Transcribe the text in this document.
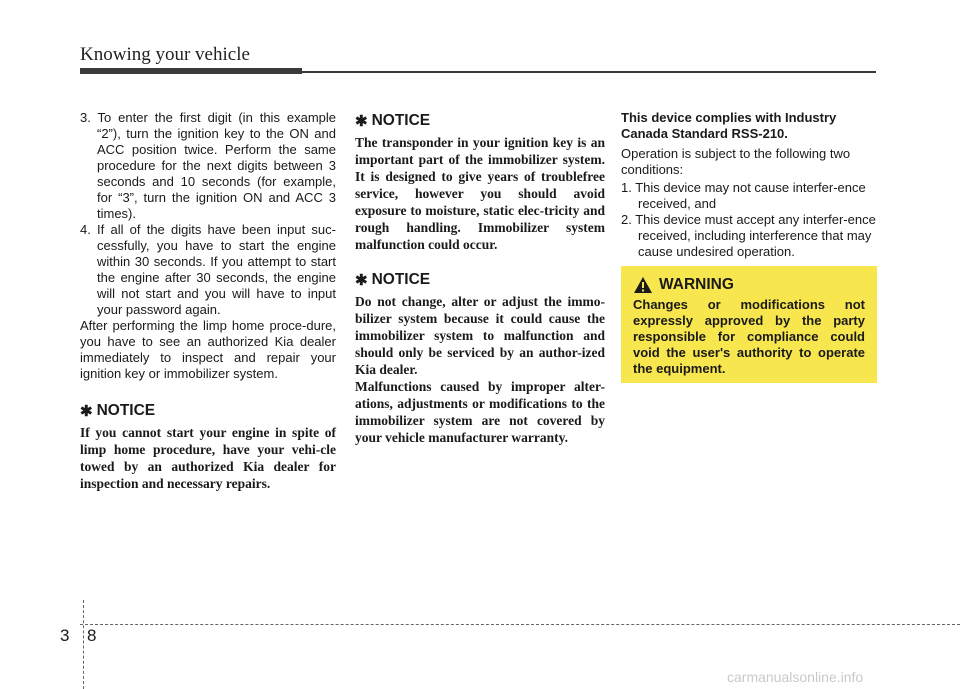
Knowing your vehicle
3. To enter the first digit (in this example “2”), turn the ignition key to the ON and ACC position twice. Perform the same procedure for the next digits between 3 seconds and 10 seconds (for example, for “3”, turn the ignition ON and ACC 3 times).
4. If all of the digits have been input suc-cessfully, you have to start the engine within 30 seconds. If you attempt to start the engine after 30 seconds, the engine will not start and you will have to input your password again.

After performing the limp home proce-dure, you have to see an authorized Kia dealer immediately to inspect and repair your ignition key or immobilizer system.

✱ NOTICE

If you cannot start your engine in spite of limp home procedure, have your vehi-cle towed by an authorized Kia dealer for inspection and necessary repairs.

✱ NOTICE

The transponder in your ignition key is an important part of the immobilizer system. It is designed to give years of troublefree service, however you should avoid exposure to moisture, static elec-tricity and rough handling. Immobilizer system malfunction could occur.

✱ NOTICE

Do not change, alter or adjust the immo-bilizer system because it could cause the immobilizer system to malfunction and should only be serviced by an author-ized Kia dealer.

Malfunctions caused by improper alter-ations, adjustments or modifications to the immobilizer system are not covered by your vehicle manufacturer warranty.

This device complies with Industry Canada Standard RSS-210.

Operation is subject to the following two conditions:

1. This device may not cause interfer-ence received, and
2. This device must accept any interfer-ence received, including interference that may cause undesired operation.
WARNING

Changes or modifications not expressly approved by the party responsible for compliance could void the user's authority to operate the equipment.

3 8
carmanualsonline.info
